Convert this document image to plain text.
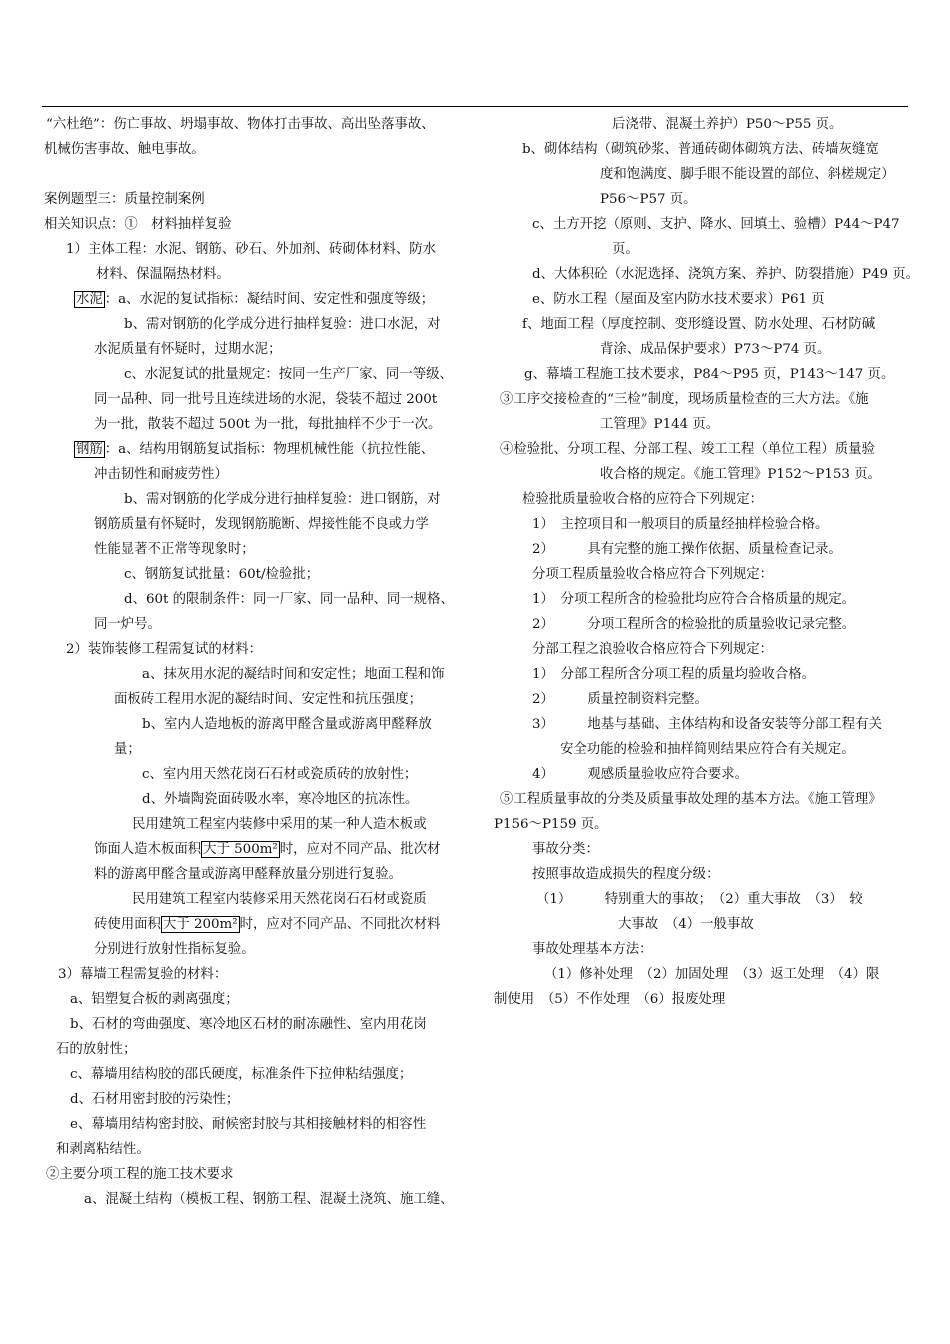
“六杜绝”：伤亡事故、坍塌事故、物体打击事故、高出坠落事故、
机械伤害事故、触电事故。
案例题型三：质量控制案例
相关知识点：①　材料抽样复验
1）主体工程：水泥、钢筋、砂石、外加剂、砖砌体材料、防水
材料、保温隔热材料。
水泥 ：a、水泥的复试指标：凝结时间、安定性和强度等级；
b、需对钢筋的化学成分进行抽样复验：进口水泥，对
水泥质量有怀疑时，过期水泥；
c、水泥复试的批量规定：按同一生产厂家、同一等级、
同一品种、同一批号且连续进场的水泥，袋装不超过 200t
为一批，散装不超过 500t 为一批，每批抽样不少于一次。
钢筋 ：a、结构用钢筋复试指标：物理机械性能（抗拉性能、
冲击韧性和耐疲劳性）
b、需对钢筋的化学成分进行抽样复验：进口钢筋，对
钢筋质量有怀疑时，发现钢筋脆断、焊接性能不良或力学
性能显著不正常等现象时；
c、钢筋复试批量：60t/检验批；
d、60t 的限制条件：同一厂家、同一品种、同一规格、
同一炉号。
2）装饰装修工程需复试的材料：
a、抹灰用水泥的凝结时间和安定性；地面工程和饰
面板砖工程用水泥的凝结时间、安定性和抗压强度；
b、室内人造地板的游离甲醛含量或游离甲醛释放
量；
c、室内用天然花岗石石材或瓷质砖的放射性；
d、外墙陶瓷面砖吸水率，寒冷地区的抗冻性。
民用建筑工程室内装修中采用的某一种人造木板或
饰面人造木板面积 大于 500m² 时，应对不同产品、批次材
料的游离甲醛含量或游离甲醛释放量分别进行复验。
民用建筑工程室内装修采用天然花岗石石材或瓷质
砖使用面积 大于 200m² 时，应对不同产品、不同批次材料
分别进行放射性指标复验。
3）幕墙工程需复验的材料：
a、铝塑复合板的剥离强度；
b、石材的弯曲强度、寒冷地区石材的耐冻融性、室内用花岗
石的放射性；
c、幕墙用结构胶的邵氏硬度，标准条件下拉伸粘结强度；
d、石材用密封胶的污染性；
e、幕墙用结构密封胶、耐候密封胶与其相接触材料的相容性
和剥离粘结性。
②主要分项工程的施工技术要求
a、混凝土结构（模板工程、钢筋工程、混凝土浇筑、施工缝、
后浇带、混凝土养护）P50～P55 页。
b、砌体结构（砌筑砂浆、普通砖砌体砌筑方法、砖墙灰缝宽
度和饱满度、脚手眼不能设置的部位、斜槎规定）
P56～P57 页。
c、土方开挖（原则、支护、降水、回填土、验槽）P44～P47
页。
d、大体积砼（水泥选择、浇筑方案、养护、防裂措施）P49 页。
e、防水工程（屋面及室内防水技术要求）P61 页
f、地面工程（厚度控制、变形缝设置、防水处理、石材防碱
背涂、成品保护要求）P73～P74 页。
g、幕墙工程施工技术要求，P84～P95 页，P143～147 页。
③工序交接检查的“三检”制度，现场质量检查的三大方法。《施
工管理》P144 页。
④检验批、分项工程、分部工程、竣工工程（单位工程）质量验
收合格的规定。《施工管理》P152～P153 页。
检验批质量验收合格的应符合下列规定：
1）　主控项目和一般项目的质量经抽样检验合格。
2）　　　具有完整的施工操作依据、质量检查记录。
分项工程质量验收合格应符合下列规定：
1）　分项工程所含的检验批均应符合合格质量的规定。
2）　　　分项工程所含的检验批的质量验收记录完整。
分部工程之浪验收合格应符合下列规定：
1）　分部工程所含分项工程的质量均验收合格。
2）　　　质量控制资料完整。
3）　　　地基与基础、主体结构和设备安装等分部工程有关
安全功能的检验和抽样简则结果应符合有关规定。
4）　　　观感质量验收应符合要求。
⑤工程质量事故的分类及质量事故处理的基本方法。《施工管理》
P156～P159 页。
事故分类：
按照事故造成损失的程度分级：
（1）　　　特别重大的事故；　（2）重大事故　（3）　较
大事故　（4）一般事故
事故处理基本方法：
（1）修补处理　（2）加固处理　（3）返工处理　（4）限
制使用　（5）不作处理　（6）报废处理
